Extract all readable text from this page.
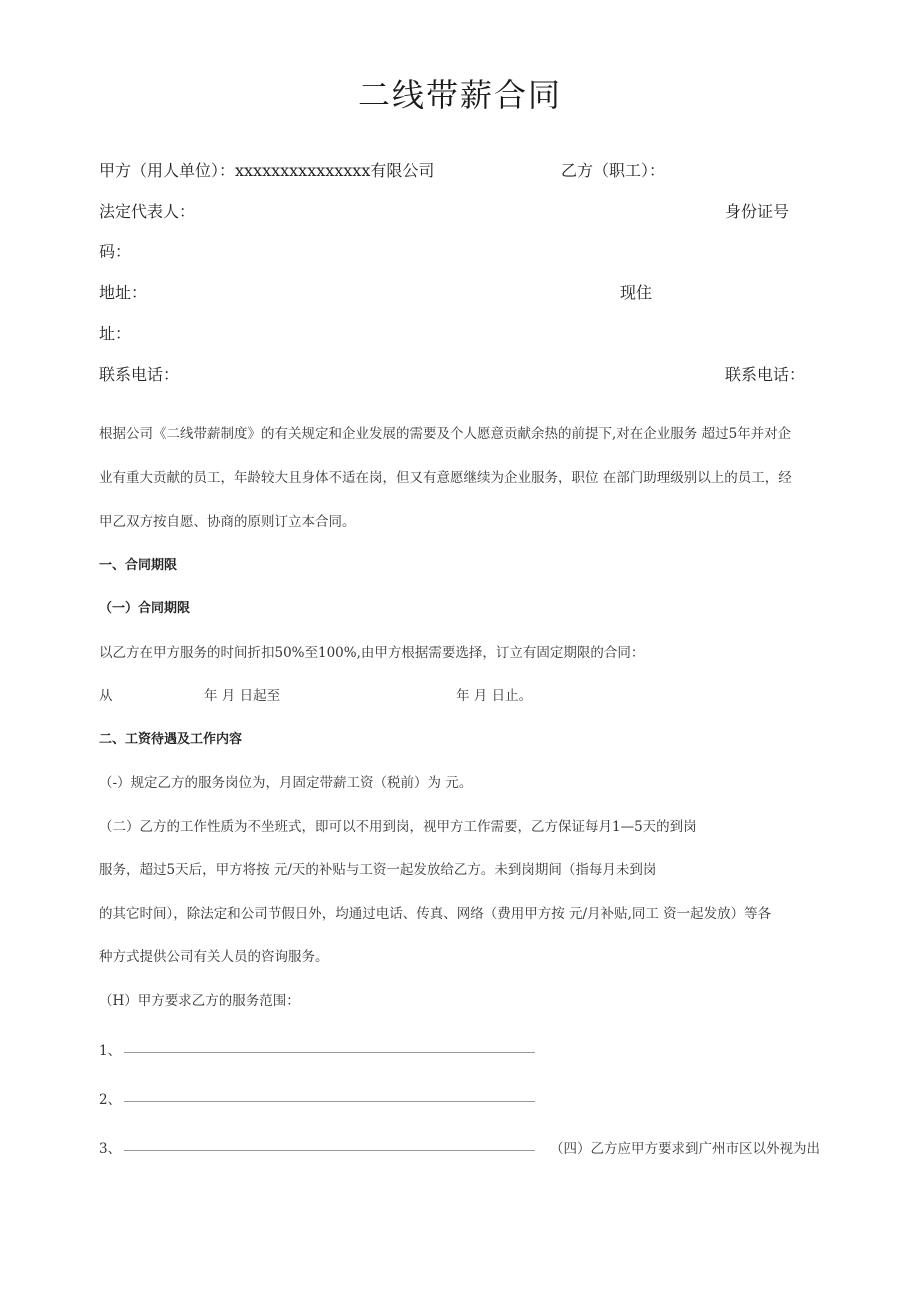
二线带薪合同
甲方（用人单位）：xxxxxxxxxxxxxxx有限公司	乙方（职工）：
法定代表人：	身份证号
码：
地址：	现住
址：
联系电话：	联系电话：
根据公司《二线带薪制度》的有关规定和企业发展的需要及个人愿意贡献余热的前提下,对在企业服务 超过5年并对企
业有重大贡献的员工，年龄较大且身体不适在岗，但又有意愿继续为企业服务，职位 在部门助理级别以上的员工，经
甲乙双方按自愿、协商的原则订立本合同。
一、合同期限
（一）合同期限
以乙方在甲方服务的时间折扣50%至100%,由甲方根据需要选择，订立有固定期限的合同：
从	年 月 日起至	年 月 日止。
二、工资待遇及工作内容
（-）规定乙方的服务岗位为，月固定带薪工资（税前）为 元。
（二）乙方的工作性质为不坐班式，即可以不用到岗，视甲方工作需要，乙方保证每月1—5天的到岗
服务，超过5天后，甲方将按 元/天的补贴与工资一起发放给乙方。未到岗期间（指每月未到岗
的其它时间），除法定和公司节假日外，均通过电话、传真、网络（费用甲方按 元/月补贴,同工 资一起发放）等各
种方式提供公司有关人员的咨询服务。
（H）甲方要求乙方的服务范围：
1、
2、
3、	（四）乙方应甲方要求到广州市区以外视为出
